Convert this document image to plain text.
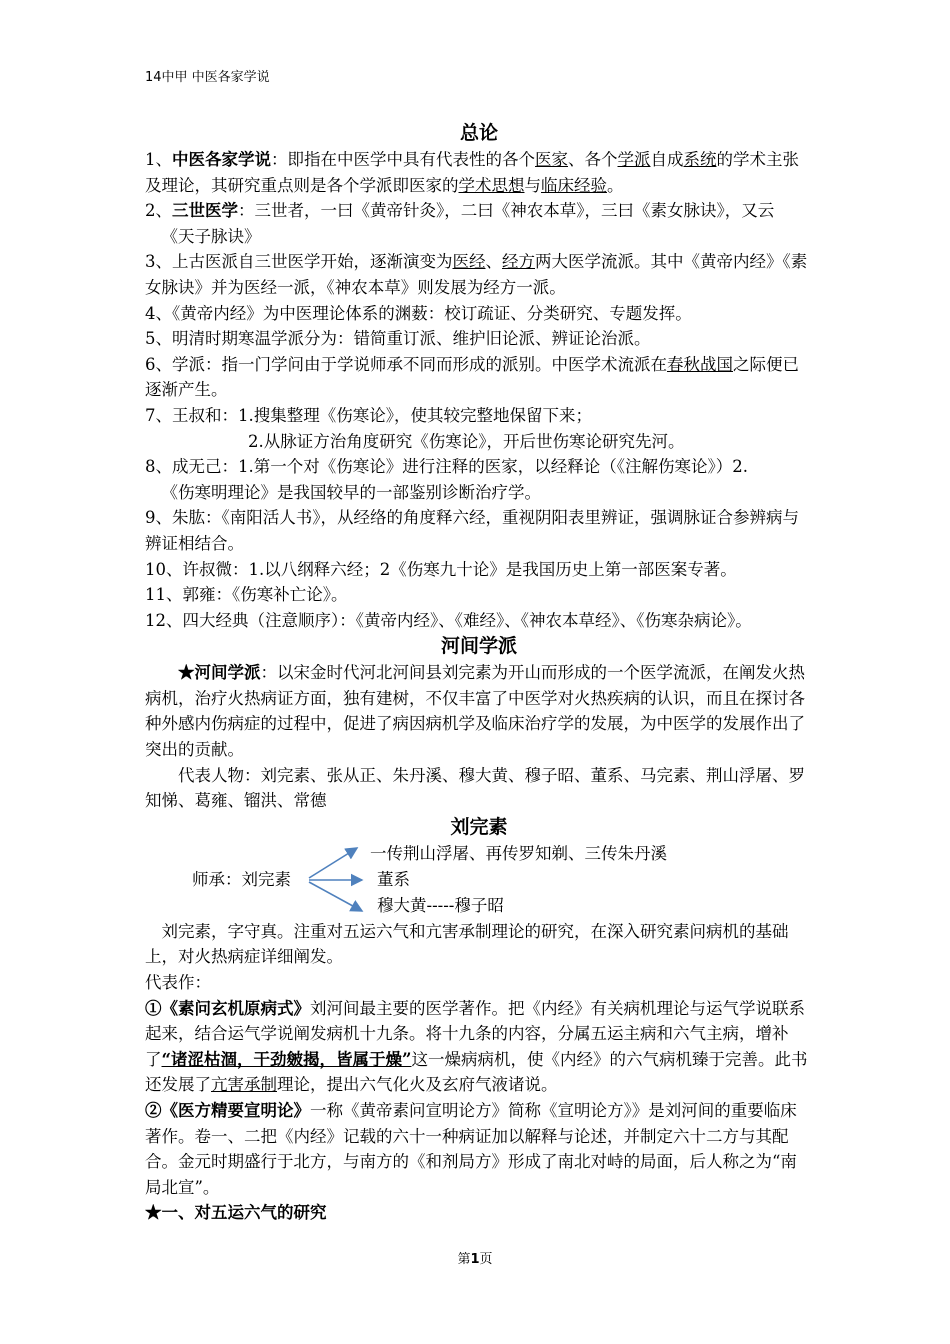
14中甲 中医各家学说

总论

1、中医各家学说：即指在中医学中具有代表性的各个医家、各个学派自成系统的学术主张及理论，其研究重点则是各个学派即医家的学术思想与临床经验。

2、三世医学：三世者，一曰《黄帝针灸》，二曰《神农本草》，三曰《素女脉诀》，又云

《天子脉诀》

3、上古医派自三世医学开始，逐渐演变为医经、经方两大医学流派。其中《黄帝内经》《素女脉诀》并为医经一派，《神农本草》则发展为经方一派。

4、《黄帝内经》为中医理论体系的渊薮：校订疏证、分类研究、专题发挥。

5、明清时期寒温学派分为：错简重订派、维护旧论派、辨证论治派。

6、学派：指一门学问由于学说师承不同而形成的派别。中医学术流派在春秋战国之际便已逐渐产生。

7、王叔和：1.搜集整理《伤寒论》，使其较完整地保留下来；

2.从脉证方治角度研究《伤寒论》，开后世伤寒论研究先河。

8、成无己：1.第一个对《伤寒论》进行注释的医家，以经释论（《注解伤寒论》）2.

《伤寒明理论》是我国较早的一部鉴别诊断治疗学。

9、朱肱：《南阳活人书》，从经络的角度释六经，重视阴阳表里辨证，强调脉证合参辨病与辨证相结合。

10、许叔微：1.以八纲释六经；2《伤寒九十论》是我国历史上第一部医案专著。

11、郭雍：《伤寒补亡论》。

12、四大经典（注意顺序）：《黄帝内经》、《难经》、《神农本草经》、《伤寒杂病论》。

河间学派

★河间学派：以宋金时代河北河间县刘完素为开山而形成的一个医学流派，在阐发火热病机，治疗火热病证方面，独有建树，不仅丰富了中医学对火热疾病的认识，而且在探讨各种外感内伤病症的过程中，促进了病因病机学及临床治疗学的发展，为中医学的发展作出了突出的贡献。

代表人物：刘完素、张从正、朱丹溪、穆大黄、穆子昭、董系、马完素、荆山浮屠、罗知悌、葛雍、镏洪、常德

刘完素

师承：刘完素
一传荆山浮屠、再传罗知剃、三传朱丹溪
董系
穆大黄-----穆子昭

刘完素，字守真。注重对五运六气和亢害承制理论的研究，在深入研究素问病机的基础上，对火热病症详细阐发。

代表作：

①《素问玄机原病式》刘河间最主要的医学著作。把《内经》有关病机理论与运气学说联系起来，结合运气学说阐发病机十九条。将十九条的内容，分属五运主病和六气主病，增补了“诸涩枯涸，干劲皴揭，皆属于燥”这一燥病病机，使《内经》的六气病机臻于完善。此书还发展了亢害承制理论，提出六气化火及玄府气液诸说。

②《医方精要宣明论》一称《黄帝素问宣明论方》简称《宣明论方》》是刘河间的重要临床著作。卷一、二把《内经》记载的六十一种病证加以解释与论述，并制定六十二方与其配合。金元时期盛行于北方，与南方的《和剂局方》形成了南北对峙的局面，后人称之为“南局北宣”。

★一、对五运六气的研究

第1页
